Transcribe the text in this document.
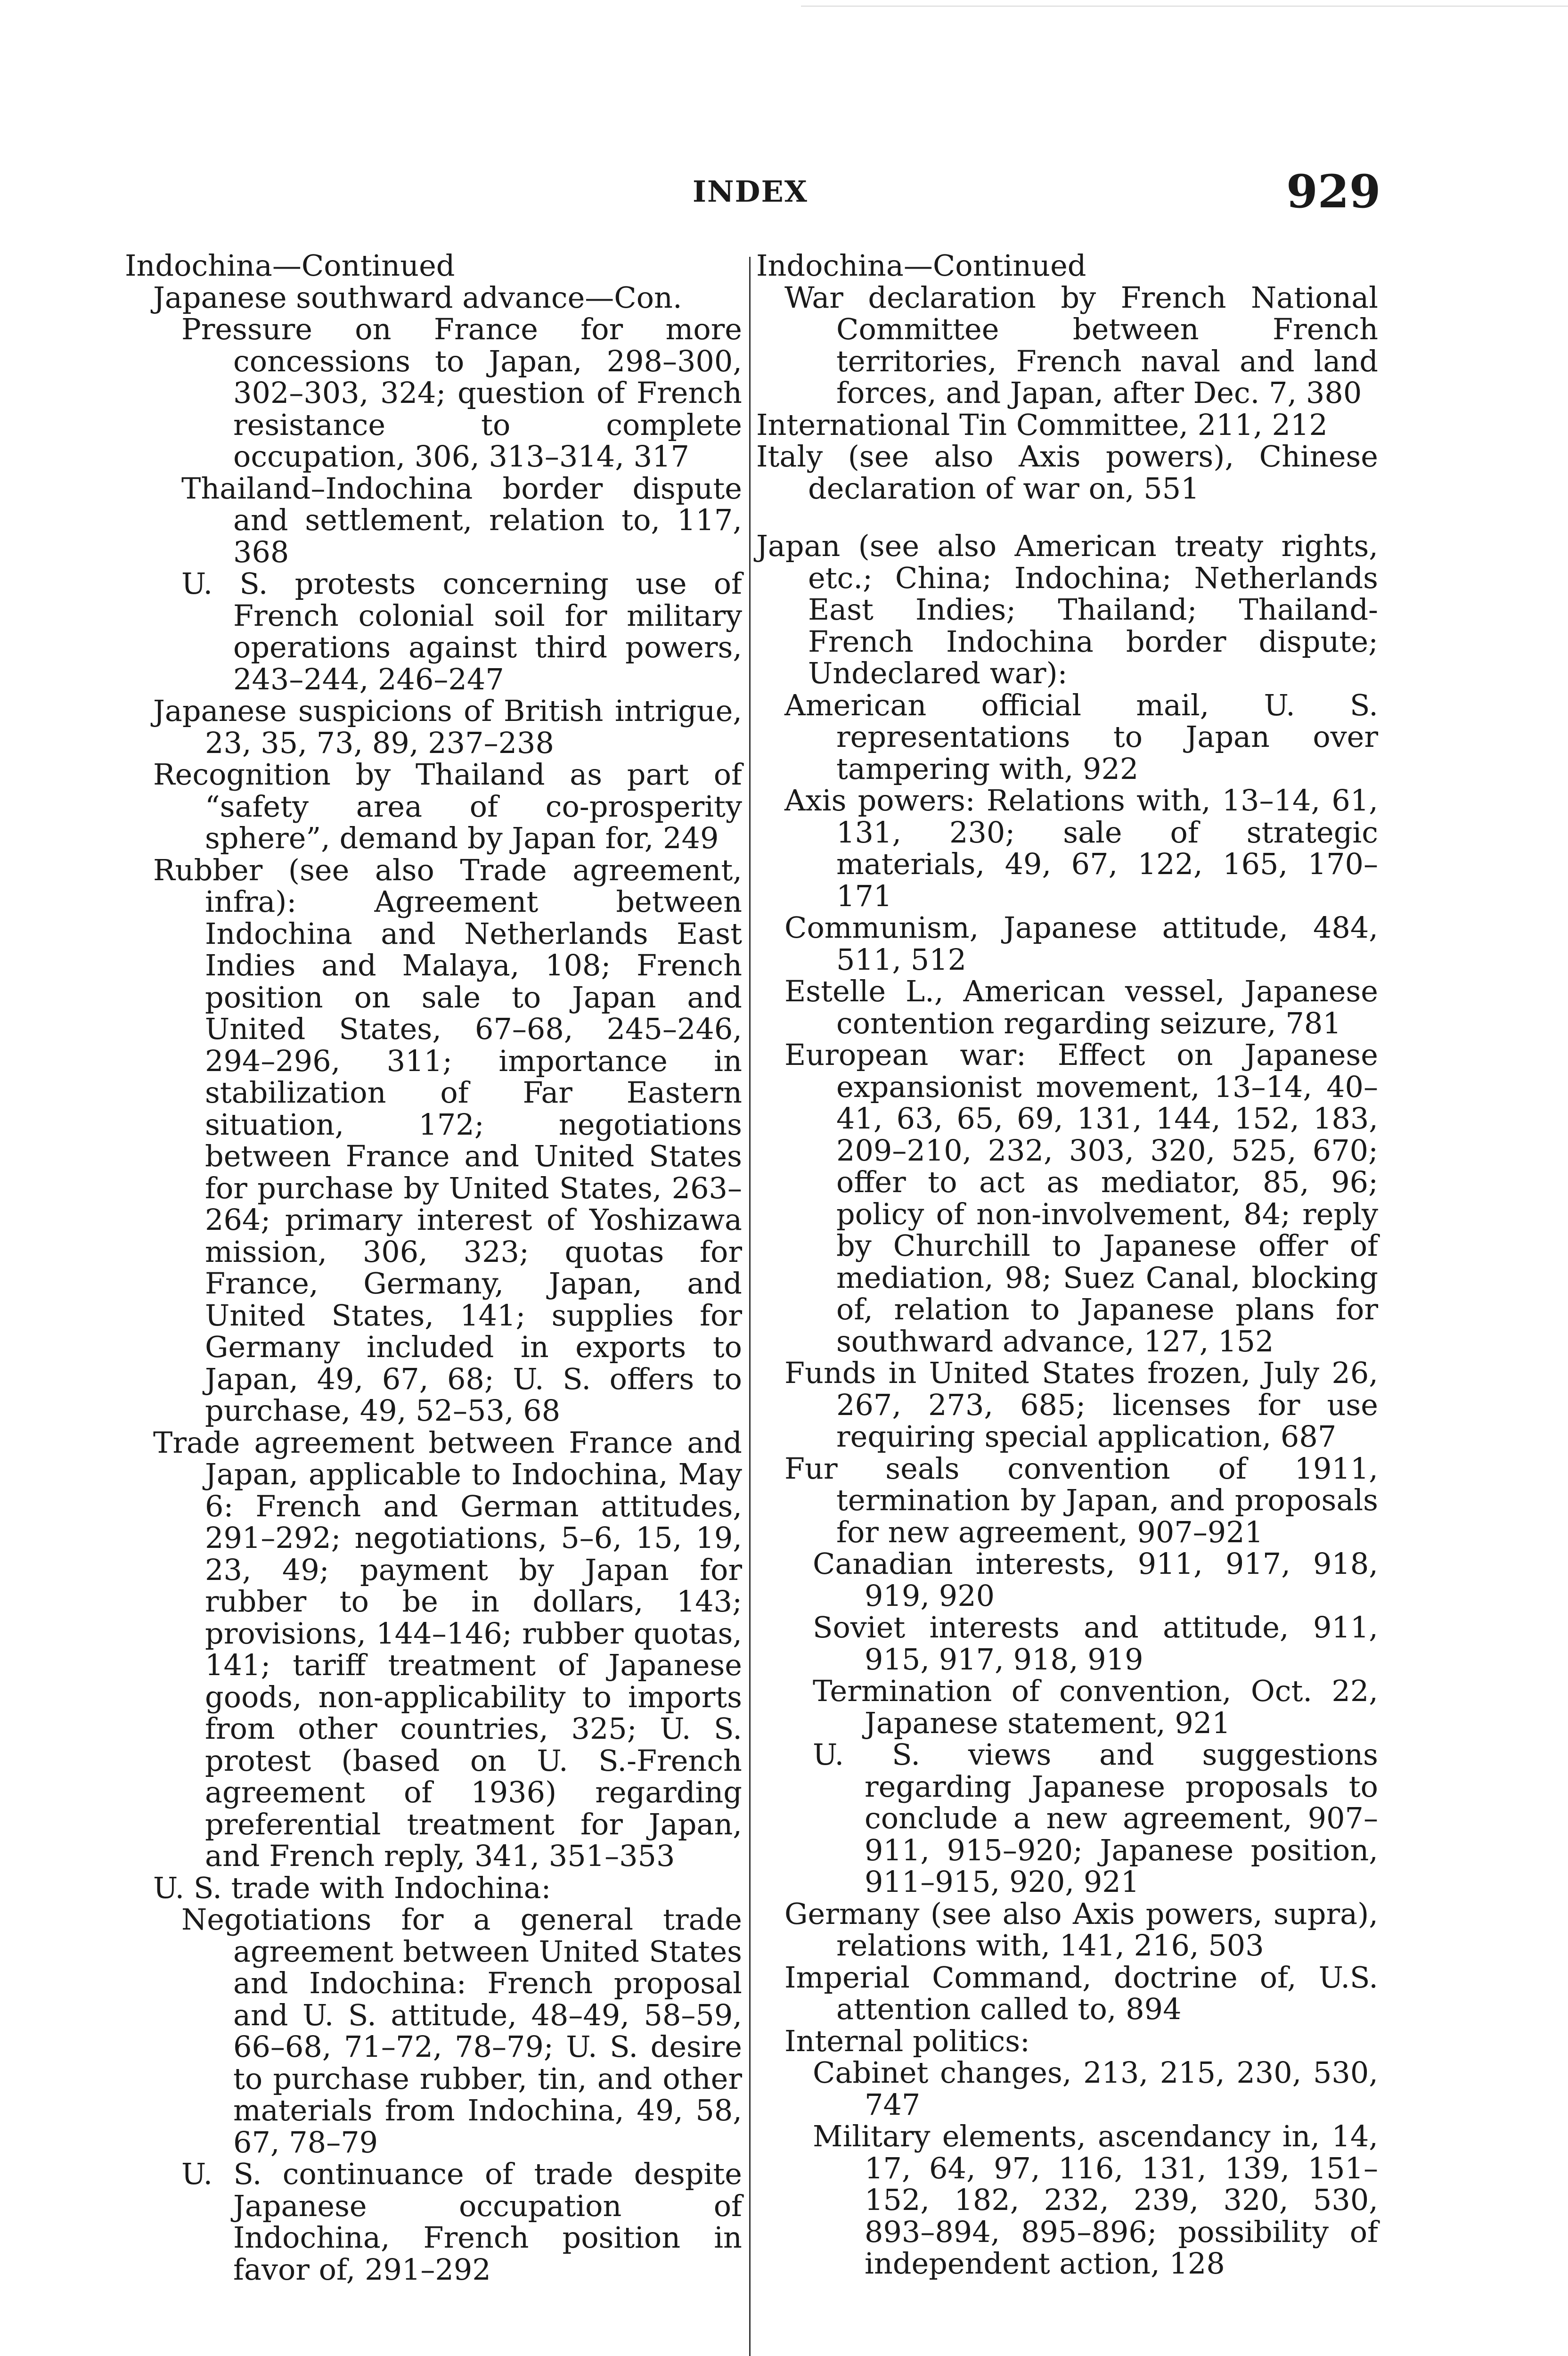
INDEX	929

Indochina—Continued

Japanese southward advance—Con.

Pressure on France for more concessions to Japan, 298–300, 302–303, 324; question of French resistance to complete occupation, 306, 313–314, 317

Thailand–Indochina border dispute and settlement, relation to, 117, 368

U. S. protests concerning use of French colonial soil for military operations against third powers, 243–244, 246–247

Japanese suspicions of British intrigue, 23, 35, 73, 89, 237–238

Recognition by Thailand as part of “safety area of co-prosperity sphere”, demand by Japan for, 249

Rubber (see also Trade agreement, infra): Agreement between Indochina and Netherlands East Indies and Malaya, 108; French position on sale to Japan and United States, 67–68, 245–246, 294–296, 311; importance in stabilization of Far Eastern situation, 172; negotiations between France and United States for purchase by United States, 263–264; primary interest of Yoshizawa mission, 306, 323; quotas for France, Germany, Japan, and United States, 141; supplies for Germany included in exports to Japan, 49, 67, 68; U. S. offers to purchase, 49, 52–53, 68

Trade agreement between France and Japan, applicable to Indochina, May 6: French and German attitudes, 291–292; negotiations, 5–6, 15, 19, 23, 49; payment by Japan for rubber to be in dollars, 143; provisions, 144–146; rubber quotas, 141; tariff treatment of Japanese goods, non-applicability to imports from other countries, 325; U. S. protest (based on U. S.-French agreement of 1936) regarding preferential treatment for Japan, and French reply, 341, 351–353

U. S. trade with Indochina:

Negotiations for a general trade agreement between United States and Indochina: French proposal and U. S. attitude, 48–49, 58–59, 66–68, 71–72, 78–79; U. S. desire to purchase rubber, tin, and other materials from Indochina, 49, 58, 67, 78–79

U. S. continuance of trade despite Japanese occupation of Indochina, French position in favor of, 291–292

Indochina—Continued

War declaration by French National Committee between French territories, French naval and land forces, and Japan, after Dec. 7, 380

International Tin Committee, 211, 212

Italy (see also Axis powers), Chinese declaration of war on, 551

Japan (see also American treaty rights, etc.; China; Indochina; Netherlands East Indies; Thailand; Thailand-French Indochina border dispute; Undeclared war):

American official mail, U. S. representations to Japan over tampering with, 922

Axis powers: Relations with, 13–14, 61, 131, 230; sale of strategic materials, 49, 67, 122, 165, 170–171

Communism, Japanese attitude, 484, 511, 512

Estelle L., American vessel, Japanese contention regarding seizure, 781

European war: Effect on Japanese expansionist movement, 13–14, 40–41, 63, 65, 69, 131, 144, 152, 183, 209–210, 232, 303, 320, 525, 670; offer to act as mediator, 85, 96; policy of non-involvement, 84; reply by Churchill to Japanese offer of mediation, 98; Suez Canal, blocking of, relation to Japanese plans for southward advance, 127, 152

Funds in United States frozen, July 26, 267, 273, 685; licenses for use requiring special application, 687

Fur seals convention of 1911, termination by Japan, and proposals for new agreement, 907–921

Canadian interests, 911, 917, 918, 919, 920

Soviet interests and attitude, 911, 915, 917, 918, 919

Termination of convention, Oct. 22, Japanese statement, 921

U. S. views and suggestions regarding Japanese proposals to conclude a new agreement, 907–911, 915–920; Japanese position, 911–915, 920, 921

Germany (see also Axis powers, supra), relations with, 141, 216, 503

Imperial Command, doctrine of, U.S. attention called to, 894

Internal politics:

Cabinet changes, 213, 215, 230, 530, 747

Military elements, ascendancy in, 14, 17, 64, 97, 116, 131, 139, 151–152, 182, 232, 239, 320, 530, 893–894, 895–896; possibility of independent action, 128
